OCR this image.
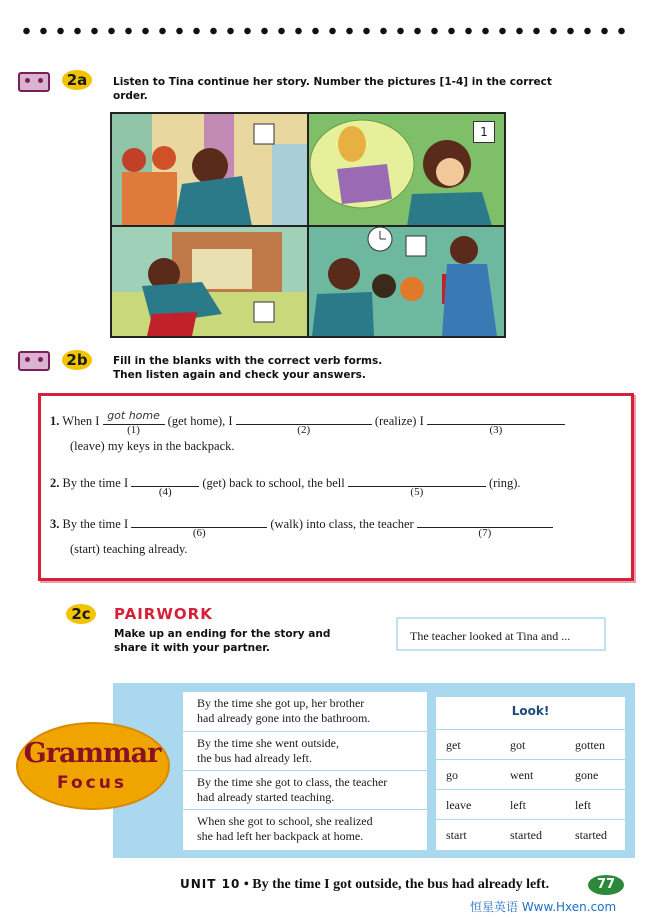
2a	Listen to Tina continue her story. Number the pictures [1-4] in the correct
order.
1
2b	Fill in the blanks with the correct verb forms.
Then listen again and check your answers.
1. When I got home
(1)
(get home), I
(2)
(realize) I
(3)
(leave) my keys in the backpack.
2. By the time I
(4)
(get) back to school, the bell
(5)
(ring).
3. By the time I
(6)
(walk) into class, the teacher
(7)
(start) teaching already.
2c	PAIRWORK
Make up an ending for the story and
share it with your partner.
The teacher looked at Tina and ...
By the time she got up, her brother
had already gone into the bathroom.
By the time she went outside,
the bus had already left.
By the time she got to class, the teacher
had already started teaching.
When she got to school, she realized
she had left her backpack at home.
Look!
get	got	gotten
go	went	gone
leave	left	left
start	started	started
Grammar
Focus
UNIT 10 • By the time I got outside, the bus had already left.	77
恒星英语 Www.Hxen.com
